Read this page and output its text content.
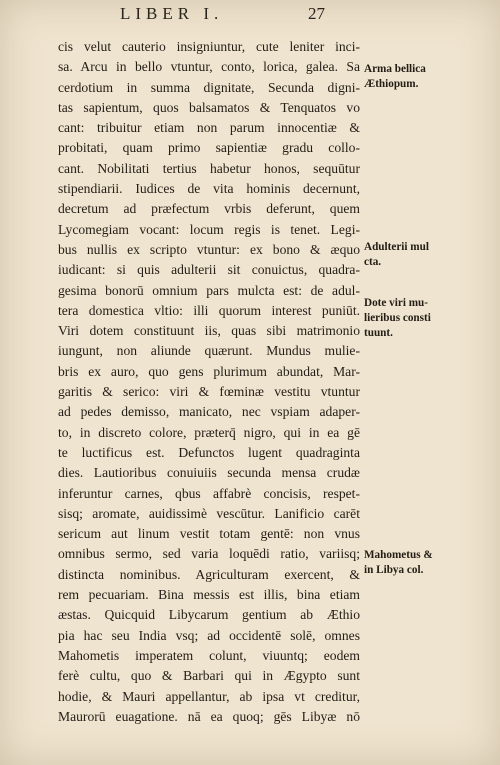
LIBER I.	27
cis velut cauterio insigniuntur, cute leniter inci-
sa. Arcu in bello vtuntur, conto, lorica, galea. Sa
cerdotium in summa dignitate, Secunda digni-
tas sapientum, quos balsamatos & Tenquatos vo
cant: tribuitur etiam non parum innocentiæ &
probitati, quam primo sapientiæ gradu collo-
cant. Nobilitati tertius habetur honos, sequūtur
stipendiarii. Iudices de vita hominis decernunt,
decretum ad præfectum vrbis deferunt, quem
Lycomegiam vocant: locum regis is tenet. Legi-
bus nullis ex scripto vtuntur: ex bono & æquo
iudicant: si quis adulterii sit conuictus, quadra-
gesima bonorū omnium pars mulcta est: de adul-
tera domestica vltio: illi quorum interest puniūt.
Viri dotem constituunt iis, quas sibi matrimonio
iungunt, non aliunde quærunt. Mundus mulie-
bris ex auro, quo gens plurimum abundat, Mar-
garitis & serico: viri & fœminæ vestitu vtuntur
ad pedes demisso, manicato, nec vspiam adaper-
to, in discreto colore, præterq̄ nigro, qui in ea gē
te luctificus est. Defunctos lugent quadraginta
dies. Lautioribus conuiuiis secunda mensa crudæ
inferuntur carnes, qbus affabrè concisis, respet-
sisq; aromate, auidissimè vescūtur. Lanificio carēt
sericum aut linum vestit totam gentē: non vnus
omnibus sermo, sed varia loquēdi ratio, variisq;
distincta nominibus. Agriculturam exercent, &
rem pecuariam. Bina messis est illis, bina etiam
æstas. Quicquid Libycarum gentium ab Æthio
pia hac seu India vsq; ad occidentē solē, omnes
Mahometis imperatem colunt, viuuntq; eodem
ferè cultu, quo & Barbari qui in Ægypto sunt
hodie, & Mauri appellantur, ab ipsa vt creditur,
Maurorū euagatione. nā ea quoq; gēs Libyæ nō
Arma bellica
Æthiopum.
Adulterii mul
cta.
Dote viri mu-
lieribus consti
tuunt.
Mahometus &
in Libya col.
